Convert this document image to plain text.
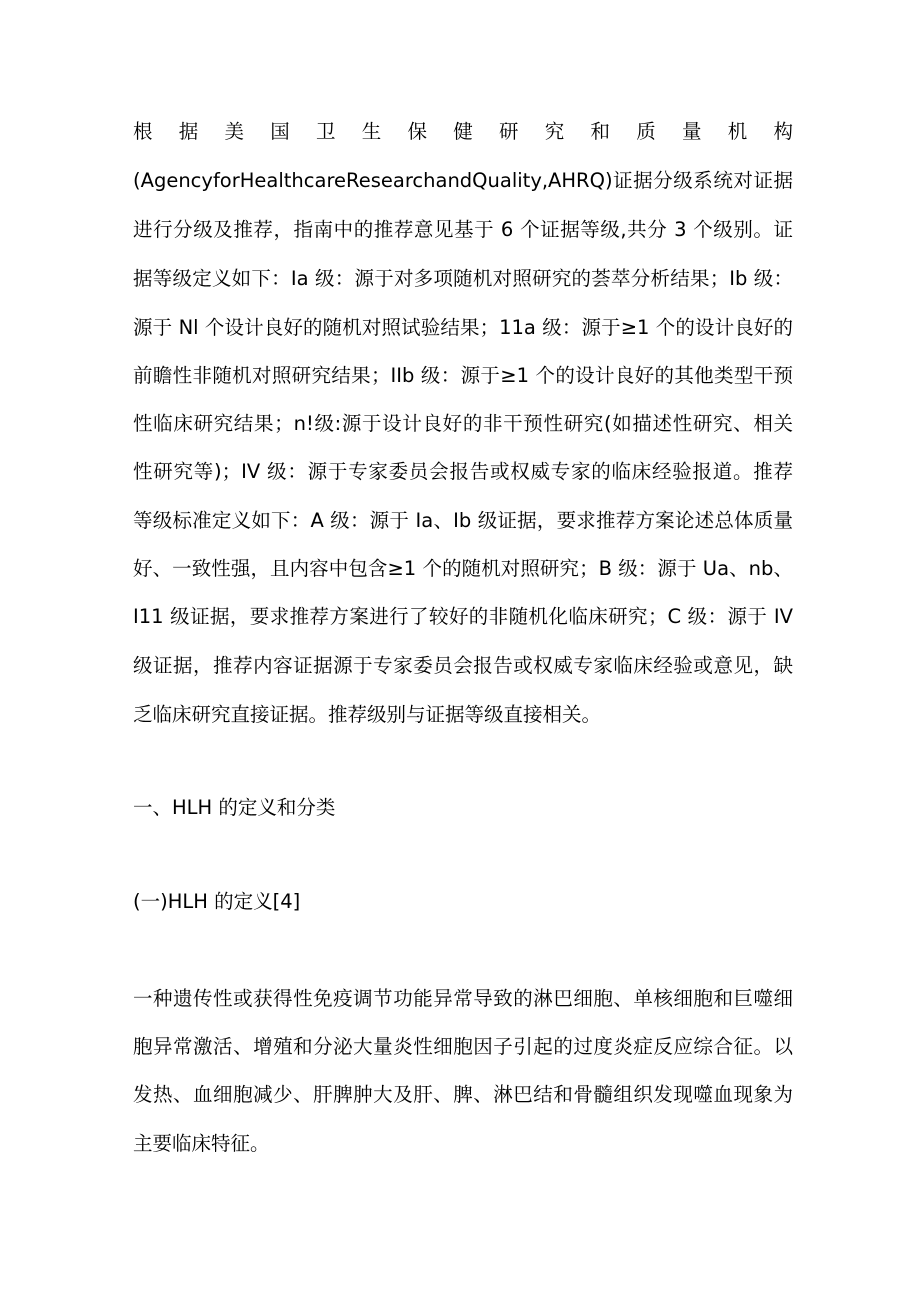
根据美国卫生保健研究和质量机构
(AgencyforHealthcareResearchandQuality,AHRQ)证据分级系统对证据
进行分级及推荐，指南中的推荐意见基于 6 个证据等级,共分 3 个级别。证
据等级定义如下：Ia 级：源于对多项随机对照研究的荟萃分析结果；Ib 级：
源于 Nl 个设计良好的随机对照试验结果；11a 级：源于≥1 个的设计良好的
前瞻性非随机对照研究结果；IIb 级：源于≥1 个的设计良好的其他类型干预
性临床研究结果；n!级:源于设计良好的非干预性研究(如描述性研究、相关
性研究等)；IV 级：源于专家委员会报告或权威专家的临床经验报道。推荐
等级标准定义如下：A 级：源于 Ia、Ib 级证据，要求推荐方案论述总体质量
好、一致性强，且内容中包含≥1 个的随机对照研究；B 级：源于 Ua、nb、
I11 级证据，要求推荐方案进行了较好的非随机化临床研究；C 级：源于 IV
级证据，推荐内容证据源于专家委员会报告或权威专家临床经验或意见，缺
乏临床研究直接证据。推荐级别与证据等级直接相关。
一、HLH 的定义和分类
(一)HLH 的定义[4]
一种遗传性或获得性免疫调节功能异常导致的淋巴细胞、单核细胞和巨噬细
胞异常激活、增殖和分泌大量炎性细胞因子引起的过度炎症反应综合征。以
发热、血细胞减少、肝脾肿大及肝、脾、淋巴结和骨髓组织发现噬血现象为
主要临床特征。
